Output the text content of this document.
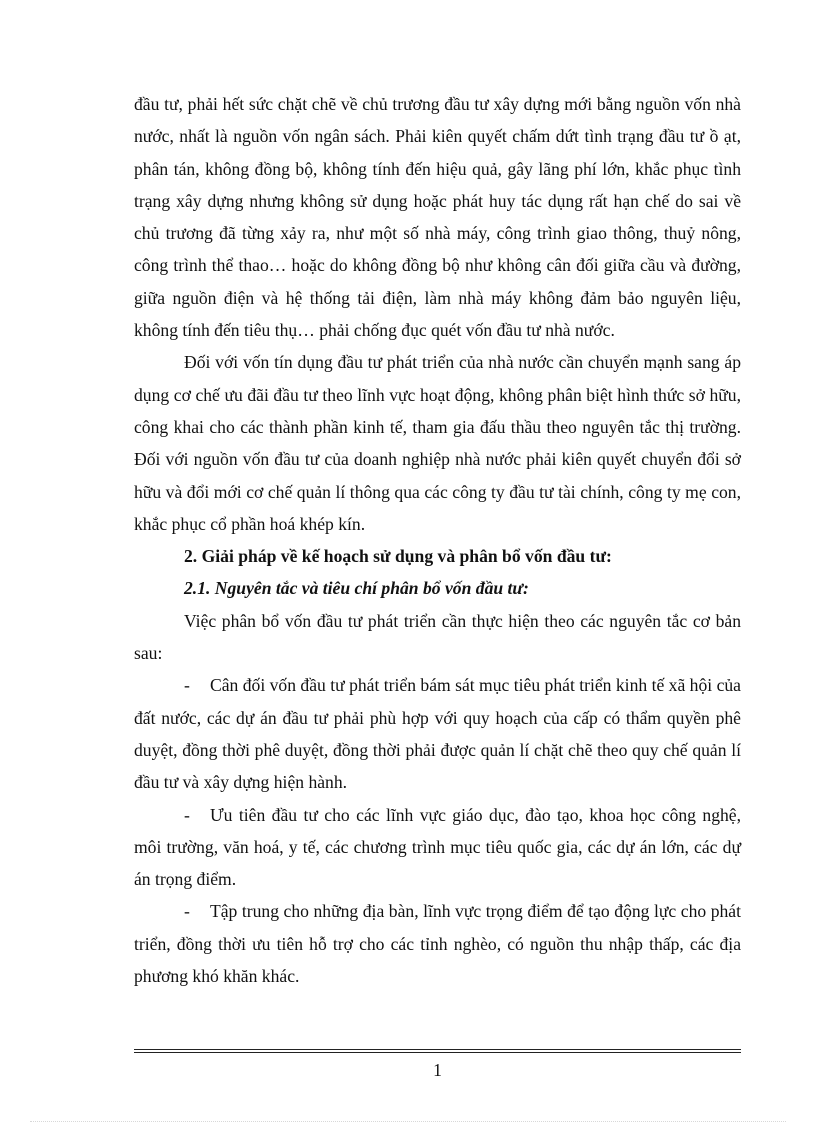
đầu tư, phải hết sức chặt chẽ về chủ trương đầu tư xây dựng mới bằng nguồn vốn nhà nước, nhất là nguồn vốn ngân sách. Phải kiên quyết chấm dứt tình trạng đầu tư ồ ạt, phân tán, không đồng bộ, không tính đến hiệu quả, gây lãng phí lớn, khắc phục tình trạng xây dựng nhưng không sử dụng hoặc phát huy tác dụng rất hạn chế do sai về chủ trương đã từng xảy ra, như một số nhà máy, công trình giao thông, thuỷ nông, công trình thể thao… hoặc do không đồng bộ như không cân đối giữa cầu và đường, giữa nguồn điện và hệ thống tải điện, làm nhà máy không đảm bảo nguyên liệu, không tính đến tiêu thụ… phải chống đục quét vốn đầu tư nhà nước.

Đối với vốn tín dụng đầu tư phát triển của nhà nước cần chuyển mạnh sang áp dụng cơ chế ưu đãi đầu tư theo lĩnh vực hoạt động, không phân biệt hình thức sở hữu, công khai cho các thành phần kinh tế, tham gia đấu thầu theo nguyên tắc thị trường. Đối với nguồn vốn đầu tư của doanh nghiệp nhà nước phải kiên quyết chuyển đổi sở hữu và đổi mới cơ chế quản lí thông qua các công ty đầu tư tài chính, công ty mẹ con, khắc phục cổ phần hoá khép kín.

2. Giải pháp về kế hoạch sử dụng và phân bổ vốn đầu tư:

2.1. Nguyên tắc và tiêu chí phân bổ vốn đầu tư:

Việc phân bổ vốn đầu tư phát triển cần thực hiện theo các nguyên tắc cơ bản sau:

- Cân đối vốn đầu tư phát triển bám sát mục tiêu phát triển kinh tế xã hội của đất nước, các dự án đầu tư phải phù hợp với quy hoạch của cấp có thẩm quyền phê duyệt, đồng thời phê duyệt, đồng thời phải được quản lí chặt chẽ theo quy chế quản lí đầu tư và xây dựng hiện hành.

- Ưu tiên đầu tư cho các lĩnh vực giáo dục, đào tạo, khoa học công nghệ, môi trường, văn hoá, y tế, các chương trình mục tiêu quốc gia, các dự án lớn, các dự án trọng điểm.

- Tập trung cho những địa bàn, lĩnh vực trọng điểm để tạo động lực cho phát triển, đồng thời ưu tiên hỗ trợ cho các tỉnh nghèo, có nguồn thu nhập thấp, các địa phương khó khăn khác.

1
